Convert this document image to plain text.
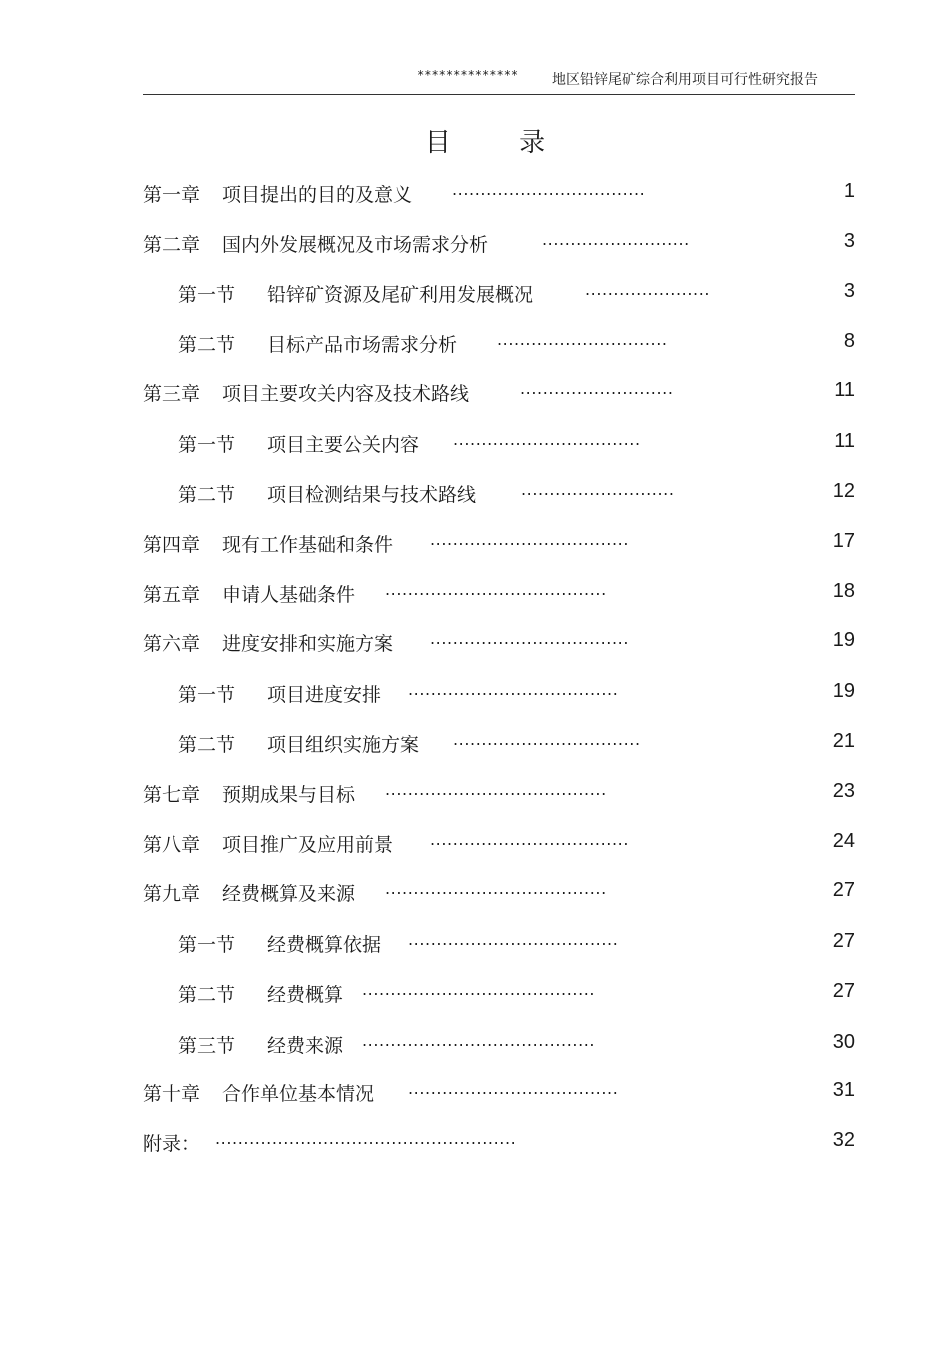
************** 地区铅锌尾矿综合利用项目可行性研究报告
目 录
第一章 项目提出的目的及意义 ..................................	1
第二章 国内外发展概况及市场需求分析	..........................	3
第一节 铅锌矿资源及尾矿利用发展概况	......................	3
第二节 目标产品市场需求分析 ..............................	8
第三章 项目主要攻关内容及技术路线	...........................	11
第一节 项目主要公关内容 .................................	11
第二节 项目检测结果与技术路线	...........................	12
第四章 现有工作基础和条件 ...................................	17
第五章 申请人基础条件 .......................................	18
第六章 进度安排和实施方案 ...................................	19
第一节 项目进度安排 .....................................	19
第二节 项目组织实施方案 .................................	21
第七章 预期成果与目标 .......................................	23
第八章 项目推广及应用前景 ...................................	24
第九章 经费概算及来源 .......................................	27
第一节 经费概算依据 .....................................	27
第二节 经费概算 .........................................	27
第三节 经费来源 .........................................	30
第十章 合作单位基本情况 .....................................	31
附录： .....................................................	32
